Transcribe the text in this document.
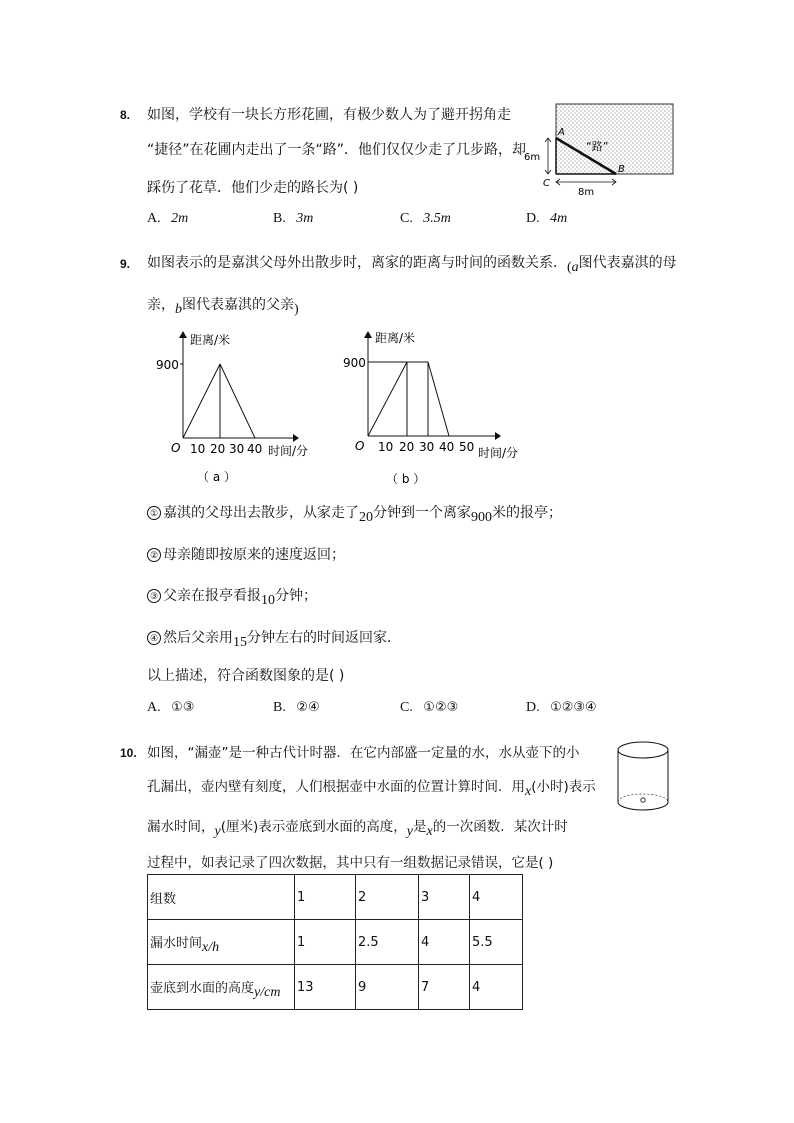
8. 如图，学校有一块长方形花圃，有极少数人为了避开拐角走
“捷径”在花圃内走出了一条“路”．他们仅仅少走了几步路，却
踩伤了花草．他们少走的路长为( )
A. 2m	B. 3m	C. 3.5m	D. 4m
A
B
C
“路”
6m
8m
9. 如图表示的是嘉淇父母外出散步时，离家的距离与时间的函数关系．(a图代表嘉淇的母
亲，b图代表嘉淇的父亲)
距离/米
900
O 10 20 30 40 时间/分
（ a ）
距离/米
900
O 10 20 30 40 50 时间/分
（ b ）
① 嘉淇的父母出去散步，从家走了20分钟到一个离家900米的报亭；
② 母亲随即按原来的速度返回；
③ 父亲在报亭看报10分钟；
④ 然后父亲用15分钟左右的时间返回家．
以上描述，符合函数图象的是( )
A. ①③	B. ②④	C. ①②③	D. ①②③④
10. 如图，“漏壶”是一种古代计时器．在它内部盛一定量的水，水从壶下的小
孔漏出，壶内壁有刻度，人们根据壶中水面的位置计算时间．用x(小时)表示
漏水时间，y(厘米)表示壶底到水面的高度，y是x的一次函数．某次计时
过程中，如表记录了四次数据，其中只有一组数据记录错误，它是( )
组数	1	2	3	4
漏水时间x/h	1	2.5	4	5.5
壶底到水面的高度y/cm	13	9	7	4
